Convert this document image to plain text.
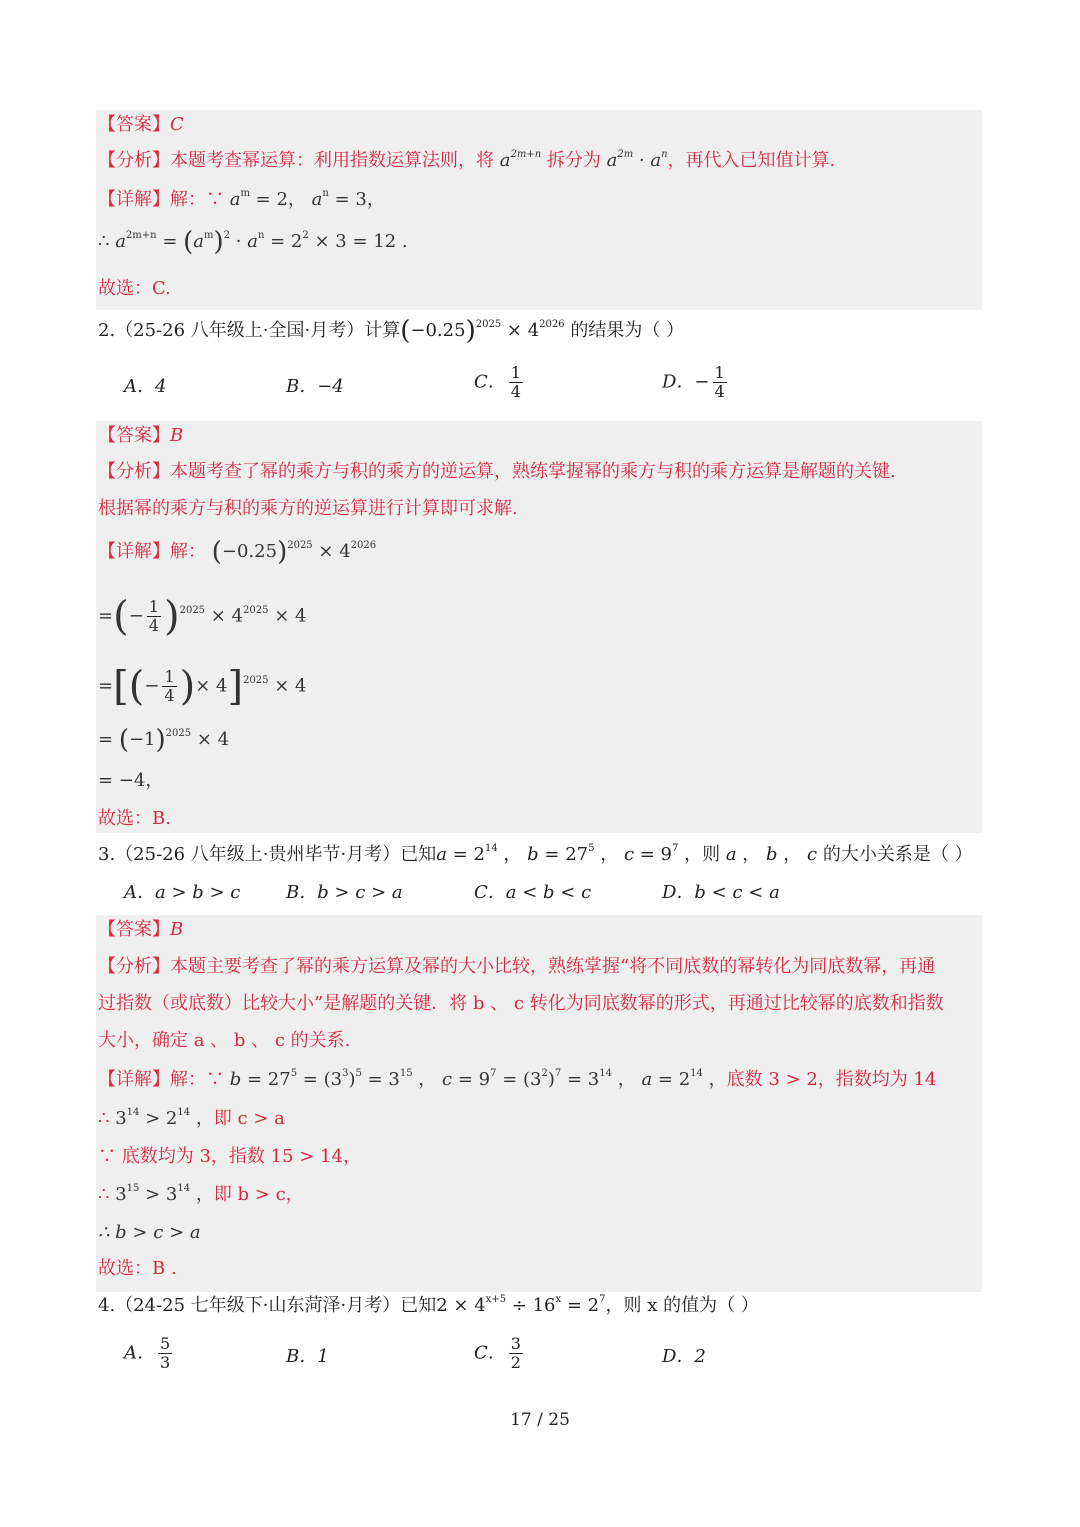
【答案】C
【分析】本题考查幂运算：利用指数运算法则，将 $a^{2m+n}$ 拆分为 $a^{2m} \cdot a^n$，再代入已知值计算.
【详解】解：∵ $a^m = 2$， $a^n = 3$，
∴ $a^{2m+n} = (a^m)^2 \cdot a^n = 2^2 \times 3 = 12$ .
故选：C.
2.（25-26 八年级上·全国·月考）计算$(-0.25)^{2025} \times 4^{2026}$ 的结果为（ ）
A．4	B．−4	C． $\frac{1}{4}$	D．− $\frac{1}{4}$
【答案】B
【分析】本题考查了幂的乘方与积的乘方的逆运算，熟练掌握幂的乘方与积的乘方运算是解题的关键.
根据幂的乘方与积的乘方的逆运算进行计算即可求解.
【详解】解： $(-0.25)^{2025} \times 4^{2026}$
=(− $\frac{1}{4} )^{2025} \times 4^{2025} \times 4$
=[(− $\frac{1}{4}$ )× 4]$^{2025}$ × 4
= $(-1)^{2025} \times 4$
= −4，
故选：B.
3.（25-26 八年级上·贵州毕节·月考）已知$a = 2^{14}$ ， $b = 27^5$ ， $c = 9^7$ ，则 a ， b ， c 的大小关系是（ ）
A．a > b > c	B．b > c > a	C．a < b < c	D．b < c < a
【答案】B
【分析】本题主要考查了幂的乘方运算及幂的大小比较，熟练掌握“将不同底数的幂转化为同底数幂，再通
过指数（或底数）比较大小”是解题的关键．将 b 、 c 转化为同底数幂的形式，再通过比较幂的底数和指数
大小，确定 a 、 b 、 c 的关系.
【详解】解：∵ $b = 27^5 = (3^3)^5 = 3^{15}$ ， $c = 9^7 = (3^2)^7 = 3^{14}$ ， $a = 2^{14}$ ，底数 3 > 2，指数均为 14
∴ $3^{14} > 2^{14}$ ，即 c > a
∵ 底数均为 3，指数 15 > 14，
∴ $3^{15} > 3^{14}$ ，即 b > c，
∴ b > c > a
故选：B .
4.（24-25 七年级下·山东菏泽·月考）已知$2 \times 4^{x+5} \div 16^x = 2^7$，则 x 的值为（ ）
A． $\frac{5}{3}$	B．1	C． $\frac{3}{2}$	D．2
17 / 25
